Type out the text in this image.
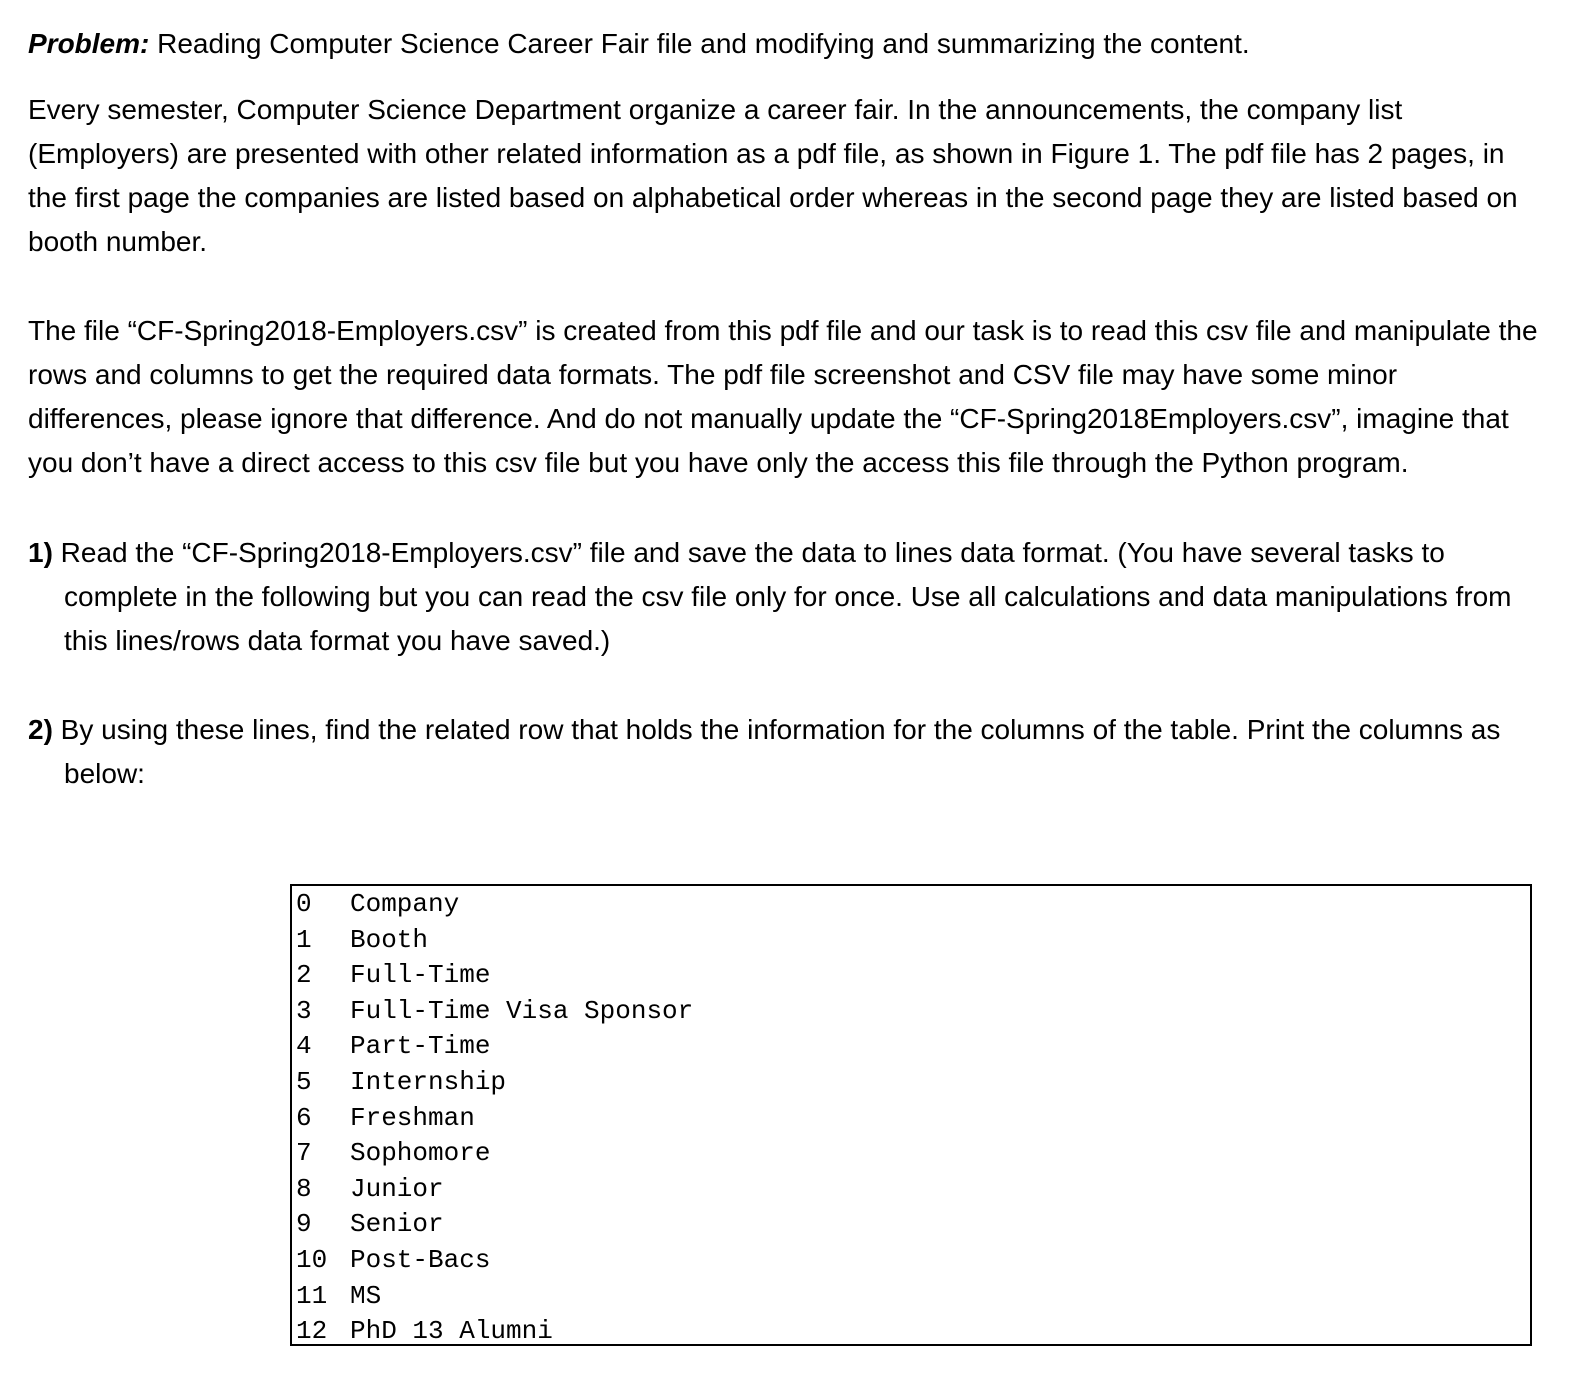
Problem: Reading Computer Science Career Fair file and modifying and summarizing the content.

Every semester, Computer Science Department organize a career fair. In the announcements, the company list (Employers) are presented with other related information as a pdf file, as shown in Figure 1. The pdf file has 2 pages, in the first page the companies are listed based on alphabetical order whereas in the second page they are listed based on booth number.

The file “CF-Spring2018-Employers.csv” is created from this pdf file and our task is to read this csv file and manipulate the rows and columns to get the required data formats. The pdf file screenshot and CSV file may have some minor differences, please ignore that difference. And do not manually update the “CF-Spring2018Employers.csv”, imagine that you don’t have a direct access to this csv file but you have only the access this file through the Python program.

1) Read the “CF-Spring2018-Employers.csv” file and save the data to lines data format. (You have several tasks to complete in the following but you can read the csv file only for once. Use all calculations and data manipulations from this lines/rows data format you have saved.)

2) By using these lines, find the related row that holds the information for the columns of the table. Print the columns as below:

0 Company
1 Booth
2 Full-Time
3 Full-Time Visa Sponsor
4 Part-Time
5 Internship
6 Freshman
7 Sophomore
8 Junior
9 Senior
10 Post-Bacs
11 MS
12 PhD 13 Alumni
